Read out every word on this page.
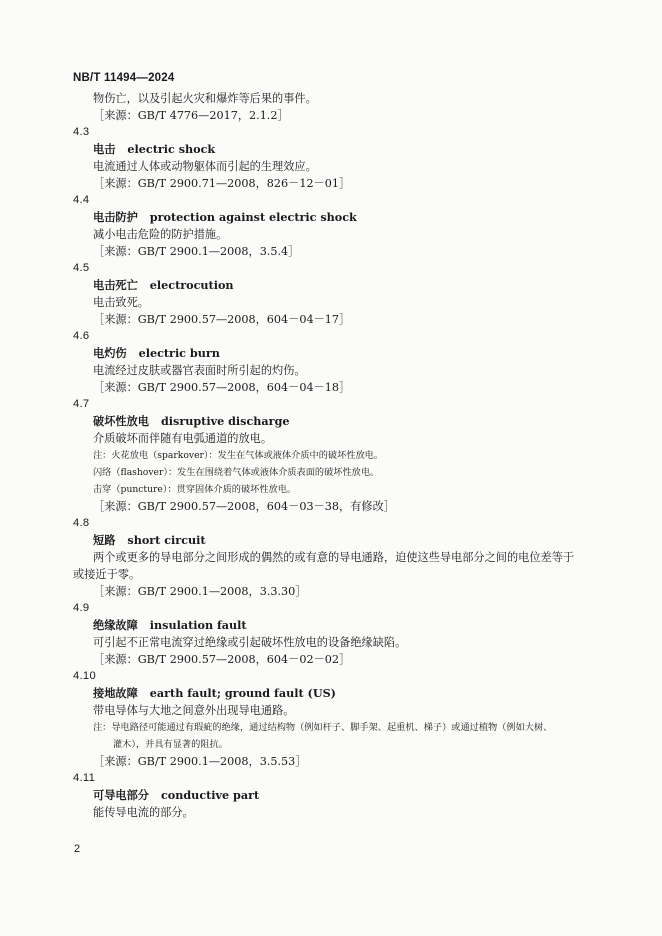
NB/T 11494—2024

物伤亡，以及引起火灾和爆炸等后果的事件。

［来源：GB/T 4776—2017，2.1.2］

4.3

电击 electric shock

电流通过人体或动物躯体而引起的生理效应。

［来源：GB/T 2900.71—2008，826－12－01］

4.4

电击防护 protection against electric shock

减小电击危险的防护措施。

［来源：GB/T 2900.1—2008，3.5.4］

4.5

电击死亡 electrocution

电击致死。

［来源：GB/T 2900.57—2008，604－04－17］

4.6

电灼伤 electric burn

电流经过皮肤或器官表面时所引起的灼伤。

［来源：GB/T 2900.57—2008，604－04－18］

4.7

破坏性放电 disruptive discharge

介质破坏而伴随有电弧通道的放电。

注：火花放电（sparkover）：发生在气体或液体介质中的破坏性放电。

闪络（flashover）：发生在围绕着气体或液体介质表面的破坏性放电。

击穿（puncture）：贯穿固体介质的破坏性放电。

［来源：GB/T 2900.57—2008，604－03－38，有修改］

4.8

短路 short circuit

两个或更多的导电部分之间形成的偶然的或有意的导电通路，迫使这些导电部分之间的电位差等于

或接近于零。

［来源：GB/T 2900.1—2008，3.3.30］

4.9

绝缘故障 insulation fault

可引起不正常电流穿过绝缘或引起破坏性放电的设备绝缘缺陷。

［来源：GB/T 2900.57—2008，604－02－02］

4.10

接地故障 earth fault; ground fault (US)

带电导体与大地之间意外出现导电通路。

注：导电路径可能通过有瑕疵的绝缘，通过结构物（例如杆子、脚手架、起重机、梯子）或通过植物（例如大树、

灌木），并具有显著的阻抗。

［来源：GB/T 2900.1—2008，3.5.53］

4.11

可导电部分 conductive part

能传导电流的部分。

2
